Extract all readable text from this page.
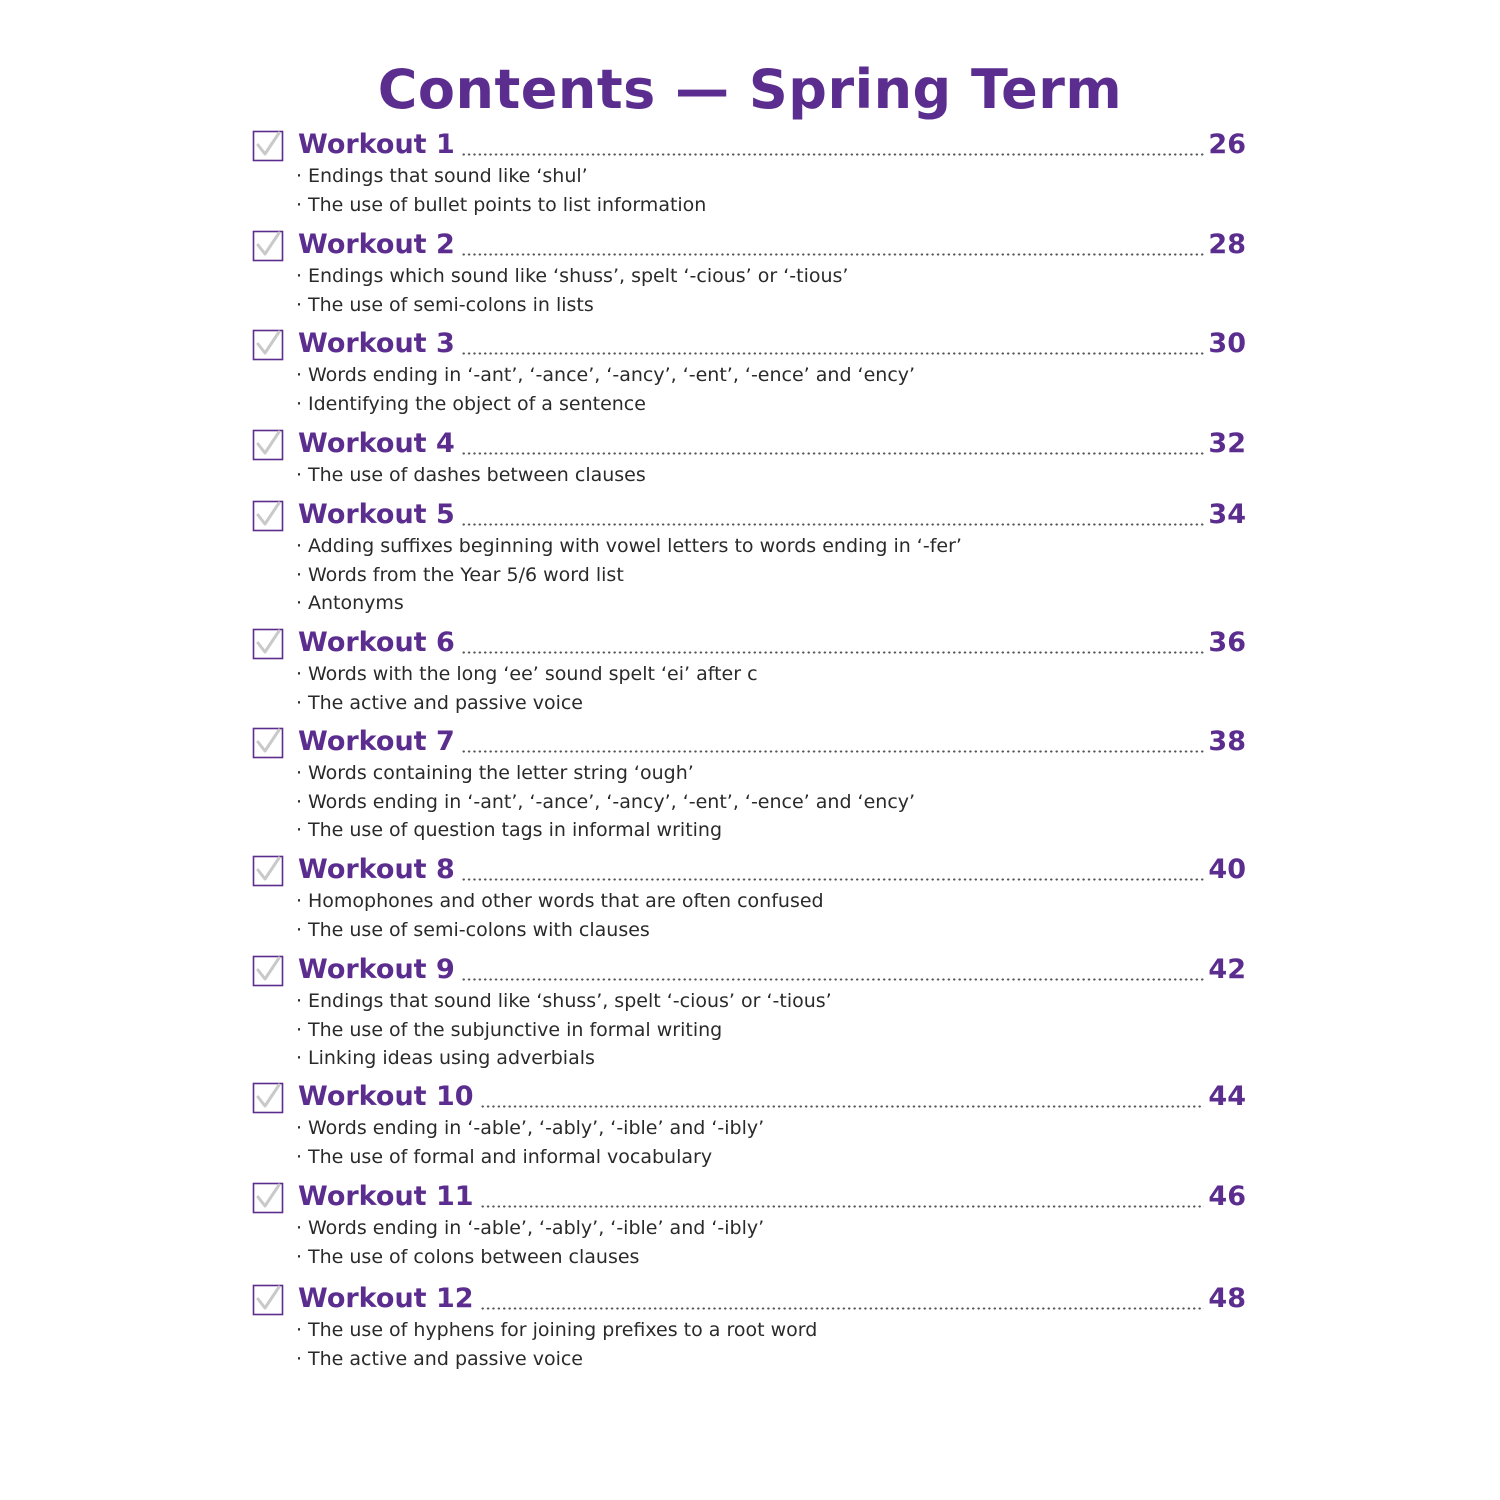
Contents — Spring Term
Workout 1	26
· Endings that sound like ‘shul’
· The use of bullet points to list information
Workout 2	28
· Endings which sound like ‘shuss’, spelt ‘-cious’ or ‘-tious’
· The use of semi-colons in lists
Workout 3	30
· Words ending in ‘-ant’, ‘-ance’, ‘-ancy’, ‘-ent’, ‘-ence’ and ‘ency’
· Identifying the object of a sentence
Workout 4	32
· The use of dashes between clauses
Workout 5	34
· Adding suffixes beginning with vowel letters to words ending in ‘-fer’
· Words from the Year 5/6 word list
· Antonyms
Workout 6	36
· Words with the long ‘ee’ sound spelt ‘ei’ after c
· The active and passive voice
Workout 7	38
· Words containing the letter string ‘ough’
· Words ending in ‘-ant’, ‘-ance’, ‘-ancy’, ‘-ent’, ‘-ence’ and ‘ency’
· The use of question tags in informal writing
Workout 8	40
· Homophones and other words that are often confused
· The use of semi-colons with clauses
Workout 9	42
· Endings that sound like ‘shuss’, spelt ‘-cious’ or ‘-tious’
· The use of the subjunctive in formal writing
· Linking ideas using adverbials
Workout 10	44
· Words ending in ‘-able’, ‘-ably’, ‘-ible’ and ‘-ibly’
· The use of formal and informal vocabulary
Workout 11	46
· Words ending in ‘-able’, ‘-ably’, ‘-ible’ and ‘-ibly’
· The use of colons between clauses
Workout 12	48
· The use of hyphens for joining prefixes to a root word
· The active and passive voice
